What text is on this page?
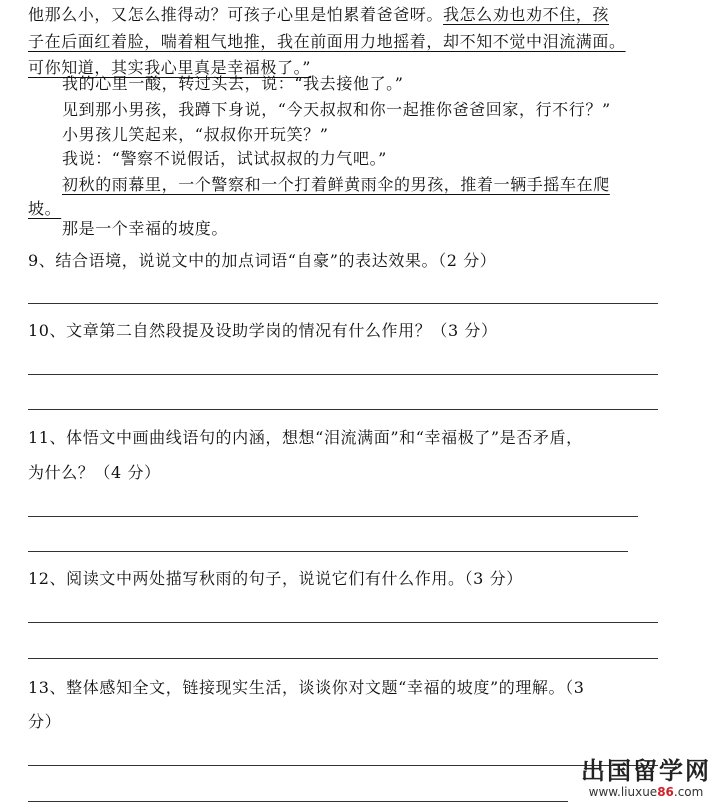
他那么小，又怎么推得动？可孩子心里是怕累着爸爸呀。我怎么劝也劝不住，孩
子在后面红着脸，喘着粗气地推，我在前面用力地摇着，却不知不觉中泪流满面。
可你知道，其实我心里真是幸福极了。”
我的心里一酸，转过头去，说：“我去接他了。”
见到那小男孩，我蹲下身说，“今天叔叔和你一起推你爸爸回家，行不行？”
小男孩儿笑起来，“叔叔你开玩笑？”
我说：“警察不说假话，试试叔叔的力气吧。”
初秋的雨幕里，一个警察和一个打着鲜黄雨伞的男孩，推着一辆手摇车在爬
坡。
那是一个幸福的坡度。
9、结合语境，说说文中的加点词语“自豪”的表达效果。（2 分）
10、文章第二自然段提及设助学岗的情况有什么作用？（3 分）
11、体悟文中画曲线语句的内涵，想想“泪流满面”和“幸福极了”是否矛盾，
为什么？（4 分）
12、阅读文中两处描写秋雨的句子，说说它们有什么作用。（3 分）
13、整体感知全文，链接现实生活，谈谈你对文题“幸福的坡度”的理解。（3
分）
出国留学网
www.liuxue86.com
